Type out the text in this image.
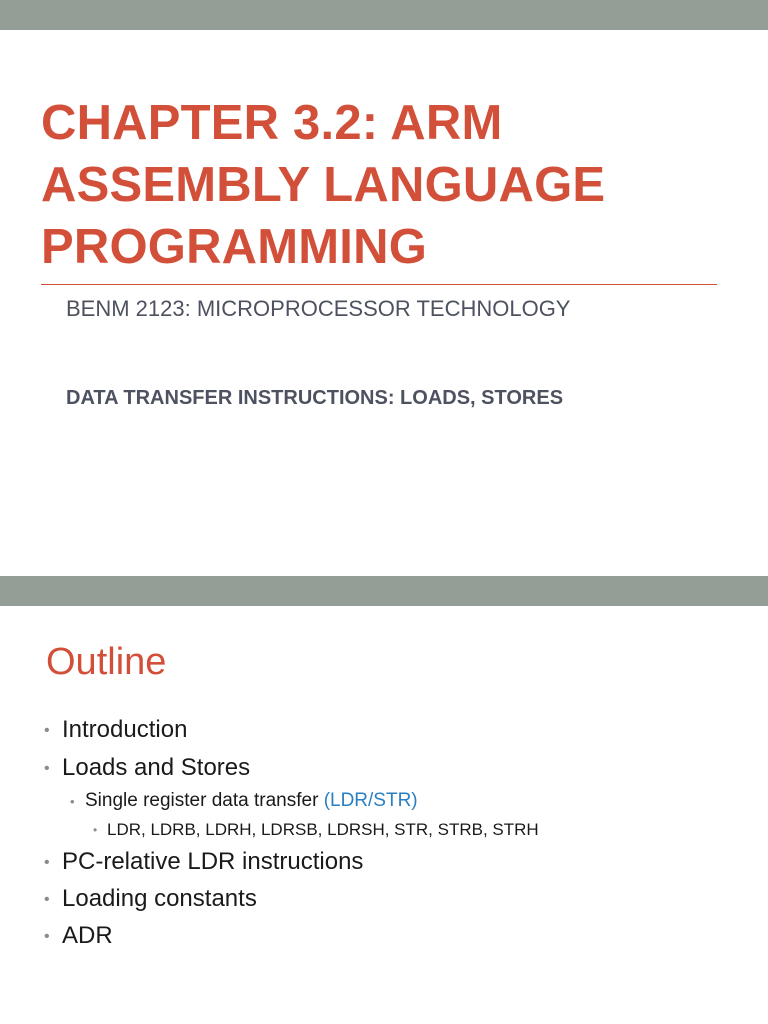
CHAPTER 3.2: ARM ASSEMBLY LANGUAGE PROGRAMMING

BENM 2123: MICROPROCESSOR TECHNOLOGY

DATA TRANSFER INSTRUCTIONS: LOADS, STORES

Outline
• Introduction
• Loads and Stores
• Single register data transfer (LDR/STR)
• LDR, LDRB, LDRH, LDRSB, LDRSH, STR, STRB, STRH
• PC-relative LDR instructions
• Loading constants
• ADR
